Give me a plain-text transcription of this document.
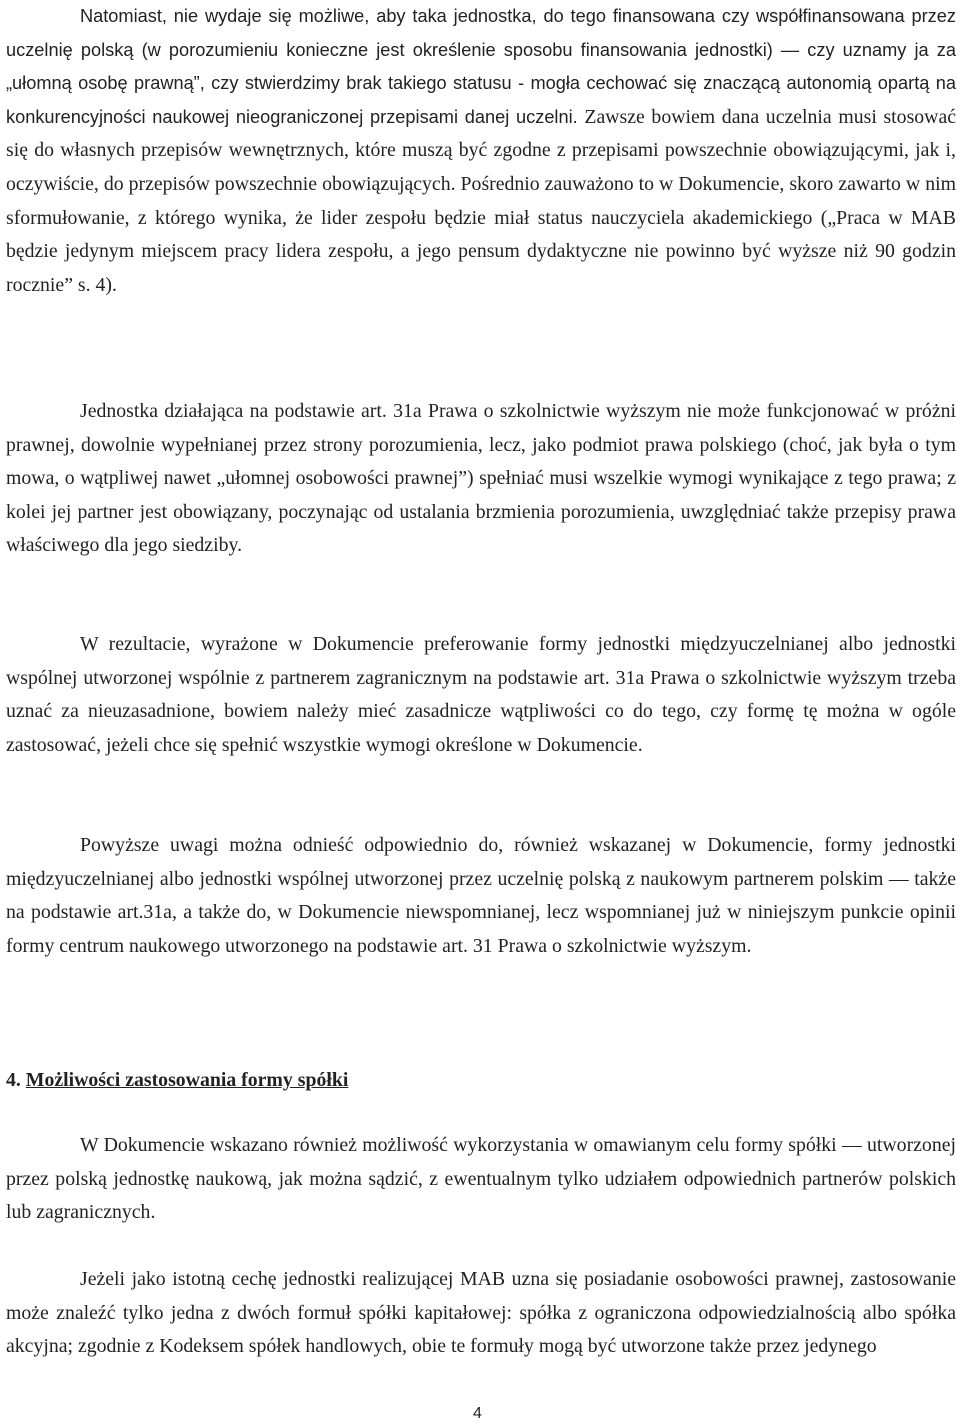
Natomiast, nie wydaje się możliwe, aby taka jednostka, do tego finansowana czy współfinansowana przez uczelnię polską (w porozumieniu konieczne jest określenie sposobu finansowania jednostki) ― czy uznamy ja za „ułomną osobę prawną”, czy stwierdzimy brak takiego statusu - mogła cechować się znaczącą autonomią opartą na konkurencyjności naukowej nieograniczonej przepisami danej uczelni. Zawsze bowiem dana uczelnia musi stosować się do własnych przepisów wewnętrznych, które muszą być zgodne z przepisami powszechnie obowiązującymi, jak i, oczywiście, do przepisów powszechnie obowiązujących. Pośrednio zauważono to w Dokumencie, skoro zawarto w nim sformułowanie, z którego wynika, że lider zespołu będzie miał status nauczyciela akademickiego („Praca w MAB będzie jedynym miejscem pracy lidera zespołu, a jego pensum dydaktyczne nie powinno być wyższe niż 90 godzin rocznie” s. 4).

Jednostka działająca na podstawie art. 31a Prawa o szkolnictwie wyższym nie może funkcjonować w próżni prawnej, dowolnie wypełnianej przez strony porozumienia, lecz, jako podmiot prawa polskiego (choć, jak była o tym mowa, o wątpliwej nawet „ułomnej osobowości prawnej”) spełniać musi wszelkie wymogi wynikające z tego prawa; z kolei jej partner jest obowiązany, poczynając od ustalania brzmienia porozumienia, uwzględniać także przepisy prawa właściwego dla jego siedziby.

W rezultacie, wyrażone w Dokumencie preferowanie formy jednostki międzyuczelnianej albo jednostki wspólnej utworzonej wspólnie z partnerem zagranicznym na podstawie art. 31a Prawa o szkolnictwie wyższym trzeba uznać za nieuzasadnione, bowiem należy mieć zasadnicze wątpliwości co do tego, czy formę tę można w ogóle zastosować, jeżeli chce się spełnić wszystkie wymogi określone w Dokumencie.

Powyższe uwagi można odnieść odpowiednio do, również wskazanej w Dokumencie, formy jednostki międzyuczelnianej albo jednostki wspólnej utworzonej przez uczelnię polską z naukowym partnerem polskim ― także na podstawie art.31a, a także do, w Dokumencie niewspomnianej, lecz wspomnianej już w niniejszym punkcie opinii formy centrum naukowego utworzonego na podstawie art. 31 Prawa o szkolnictwie wyższym.

4. Możliwości zastosowania formy spółki

W Dokumencie wskazano również możliwość wykorzystania w omawianym celu formy spółki ― utworzonej przez polską jednostkę naukową, jak można sądzić, z ewentualnym tylko udziałem odpowiednich partnerów polskich lub zagranicznych.

Jeżeli jako istotną cechę jednostki realizującej MAB uzna się posiadanie osobowości prawnej, zastosowanie może znaleźć tylko jedna z dwóch formuł spółki kapitałowej: spółka z ograniczona odpowiedzialnością albo spółka akcyjna; zgodnie z Kodeksem spółek handlowych, obie te formuły mogą być utworzone także przez jedynego

4
